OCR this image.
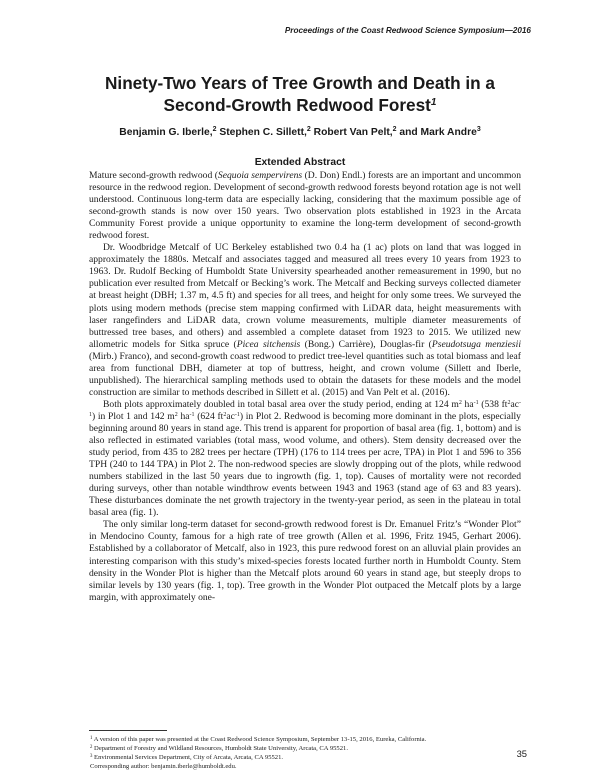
Proceedings of the Coast Redwood Science Symposium—2016
Ninety-Two Years of Tree Growth and Death in a
Second-Growth Redwood Forest$^1$
Benjamin G. Iberle,$^2$ Stephen C. Sillett,$^2$ Robert Van Pelt,$^2$ and Mark Andre$^3$
Extended Abstract

Mature second-growth redwood (Sequoia sempervirens (D. Don) Endl.) forests are an important and uncommon resource in the redwood region. Development of second-growth redwood forests beyond rotation age is not well understood. Continuous long-term data are especially lacking, considering that the maximum possible age of second-growth stands is now over 150 years. Two observation plots established in 1923 in the Arcata Community Forest provide a unique opportunity to examine the long-term development of second-growth redwood forest.

Dr. Woodbridge Metcalf of UC Berkeley established two 0.4 ha (1 ac) plots on land that was logged in approximately the 1880s. Metcalf and associates tagged and measured all trees every 10 years from 1923 to 1963. Dr. Rudolf Becking of Humboldt State University spearheaded another remeasurement in 1990, but no publication ever resulted from Metcalf or Becking’s work. The Metcalf and Becking surveys collected diameter at breast height (DBH; 1.37 m, 4.5 ft) and species for all trees, and height for only some trees. We surveyed the plots using modern methods (precise stem mapping confirmed with LiDAR data, height measurements with laser rangefinders and LiDAR data, crown volume measurements, multiple diameter measurements of buttressed tree bases, and others) and assembled a complete dataset from 1923 to 2015. We utilized new allometric models for Sitka spruce (Picea sitchensis (Bong.) Carrière), Douglas-fir (Pseudotsuga menziesii (Mirb.) Franco), and second-growth coast redwood to predict tree-level quantities such as total biomass and leaf area from functional DBH, diameter at top of buttress, height, and crown volume (Sillett and Iberle, unpublished). The hierarchical sampling methods used to obtain the datasets for these models and the model construction are similar to methods described in Sillett et al. (2015) and Van Pelt et al. (2016).

Both plots approximately doubled in total basal area over the study period, ending at 124 $m^2$ $ha^{-1}$ (538 $ft^2ac^{-1}$) in Plot 1 and 142 $m^2$ $ha^{-1}$ (624 $ft^2ac^{-1}$) in Plot 2. Redwood is becoming more dominant in the plots, especially beginning around 80 years in stand age. This trend is apparent for proportion of basal area (fig. 1, bottom) and is also reflected in estimated variables (total mass, wood volume, and others). Stem density decreased over the study period, from 435 to 282 trees per hectare (TPH) (176 to 114 trees per acre, TPA) in Plot 1 and 596 to 356 TPH (240 to 144 TPA) in Plot 2. The non-redwood species are slowly dropping out of the plots, while redwood numbers stabilized in the last 50 years due to ingrowth (fig. 1, top). Causes of mortality were not recorded during surveys, other than notable windthrow events between 1943 and 1963 (stand age of 63 and 83 years). These disturbances dominate the net growth trajectory in the twenty-year period, as seen in the plateau in total basal area (fig. 1).

The only similar long-term dataset for second-growth redwood forest is Dr. Emanuel Fritz’s “Wonder Plot” in Mendocino County, famous for a high rate of tree growth (Allen et al. 1996, Fritz 1945, Gerhart 2006). Established by a collaborator of Metcalf, also in 1923, this pure redwood forest on an alluvial plain provides an interesting comparison with this study’s mixed-species forests located further north in Humboldt County. Stem density in the Wonder Plot is higher than the Metcalf plots around 60 years in stand age, but steeply drops to similar levels by 130 years (fig. 1, top). Tree growth in the Wonder Plot outpaced the Metcalf plots by a large margin, with approximately one-

$^1$ A version of this paper was presented at the Coast Redwood Science Symposium, September 13-15, 2016, Eureka, California.

$^2$ Department of Forestry and Wildland Resources, Humboldt State University, Arcata, CA 95521.

$^3$ Environmental Services Department, City of Arcata, Arcata, CA 95521.

Corresponding author: benjamin.iberle@humboldt.edu.

35
